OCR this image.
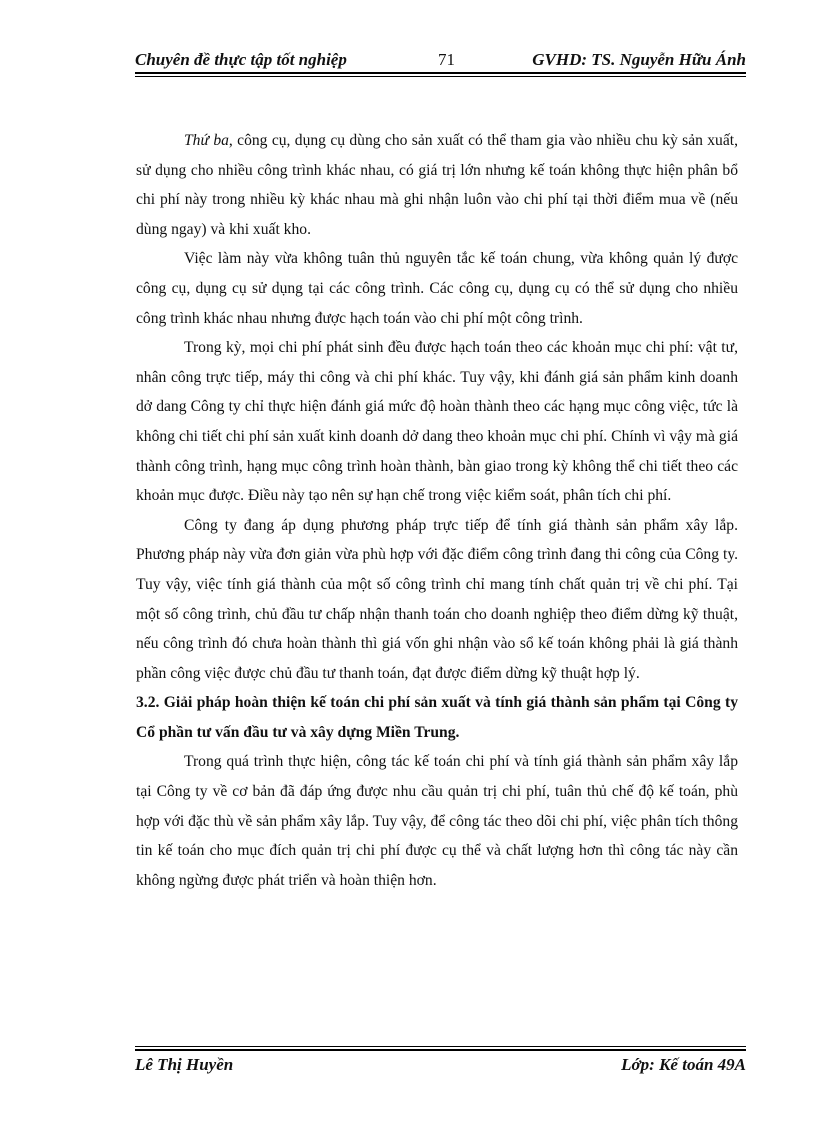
Chuyên đề thực tập tốt nghiệp	71	GVHD: TS. Nguyễn Hữu Ánh

Thứ ba, công cụ, dụng cụ dùng cho sản xuất có thể tham gia vào nhiều chu kỳ sản xuất, sử dụng cho nhiều công trình khác nhau, có giá trị lớn nhưng kế toán không thực hiện phân bổ chi phí này trong nhiều kỳ khác nhau mà ghi nhận luôn vào chi phí tại thời điểm mua về (nếu dùng ngay) và khi xuất kho.

Việc làm này vừa không tuân thủ nguyên tắc kế toán chung, vừa không quản lý được công cụ, dụng cụ sử dụng tại các công trình. Các công cụ, dụng cụ có thể sử dụng cho nhiều công trình khác nhau nhưng được hạch toán vào chi phí một công trình.

Trong kỳ, mọi chi phí phát sinh đều được hạch toán theo các khoản mục chi phí: vật tư, nhân công trực tiếp, máy thi công và chi phí khác. Tuy vậy, khi đánh giá sản phẩm kinh doanh dở dang Công ty chỉ thực hiện đánh giá mức độ hoàn thành theo các hạng mục công việc, tức là không chi tiết chi phí sản xuất kinh doanh dở dang theo khoản mục chi phí. Chính vì vậy mà giá thành công trình, hạng mục công trình hoàn thành, bàn giao trong kỳ không thể chi tiết theo các khoản mục được. Điều này tạo nên sự hạn chế trong việc kiểm soát, phân tích chi phí.

Công ty đang áp dụng phương pháp trực tiếp để tính giá thành sản phẩm xây lắp. Phương pháp này vừa đơn giản vừa phù hợp với đặc điểm công trình đang thi công của Công ty. Tuy vậy, việc tính giá thành của một số công trình chỉ mang tính chất quản trị về chi phí. Tại một số công trình, chủ đầu tư chấp nhận thanh toán cho doanh nghiệp theo điểm dừng kỹ thuật, nếu công trình đó chưa hoàn thành thì giá vốn ghi nhận vào sổ kế toán không phải là giá thành phần công việc được chủ đầu tư thanh toán, đạt được điểm dừng kỹ thuật hợp lý.

3.2. Giải pháp hoàn thiện kế toán chi phí sản xuất và tính giá thành sản phẩm tại Công ty Cổ phần tư vấn đầu tư và xây dựng Miền Trung.

Trong quá trình thực hiện, công tác kế toán chi phí và tính giá thành sản phẩm xây lắp tại Công ty về cơ bản đã đáp ứng được nhu cầu quản trị chi phí, tuân thủ chế độ kế toán, phù hợp với đặc thù về sản phẩm xây lắp. Tuy vậy, để công tác theo dõi chi phí, việc phân tích thông tin kế toán cho mục đích quản trị chi phí được cụ thể và chất lượng hơn thì công tác này cần không ngừng được phát triển và hoàn thiện hơn.

Lê Thị Huyền	Lớp: Kế toán 49A
